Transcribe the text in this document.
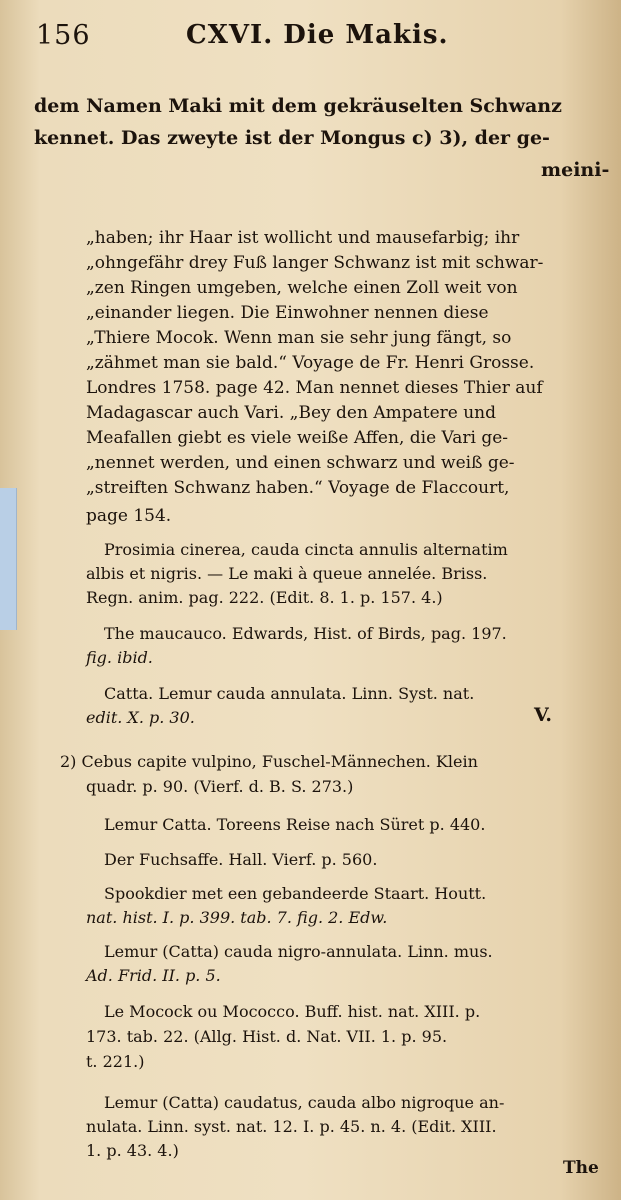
156	CXVI. Die Makis.
dem Namen Maki mit dem gekräuselten Schwanz
kennet. Das zweyte ist der Mongus c) 3), der ge-
meini-
„haben; ihr Haar ist wollicht und mausefarbig; ihr
„ohngefähr drey Fuß langer Schwanz ist mit schwar-
„zen Ringen umgeben, welche einen Zoll weit von
„einander liegen. Die Einwohner nennen diese
„Thiere Mocok. Wenn man sie sehr jung fängt, so
„zähmet man sie bald.“ Voyage de Fr. Henri Grosse.
Londres 1758. page 42. Man nennet dieses Thier auf
Madagascar auch Vari. „Bey den Ampatere und
Meafallen giebt es viele weiße Affen, die Vari ge-
„nennet werden, und einen schwarz und weiß ge-
„streiften Schwanz haben.“ Voyage de Flaccourt,
page 154.
Prosimia cinerea, cauda cincta annulis alternatim
albis et nigris. — Le maki à queue annelée. Briss.
Regn. anim. pag. 222. (Edit. 8. 1. p. 157. 4.)
The maucauco. Edwards, Hist. of Birds, pag. 197.
fig. ibid.
Catta. Lemur cauda annulata. Linn. Syst. nat.
edit. X. p. 30.	V.
2) Cebus capite vulpino, Fuschel-Männechen. Klein
quadr. p. 90. (Vierf. d. B. S. 273.)
Lemur Catta. Toreens Reise nach Süret p. 440.
Der Fuchsaffe. Hall. Vierf. p. 560.
Spookdier met een gebandeerde Staart. Houtt.
nat. hist. I. p. 399. tab. 7. fig. 2. Edw.
Lemur (Catta) cauda nigro-annulata. Linn. mus.
Ad. Frid. II. p. 5.
Le Mocock ou Mococco. Buff. hist. nat. XIII. p.
173. tab. 22. (Allg. Hist. d. Nat. VII. 1. p. 95.
t. 221.)
Lemur (Catta) caudatus, cauda albo nigroque an-
nulata. Linn. syst. nat. 12. I. p. 45. n. 4. (Edit. XIII.
1. p. 43. 4.)
The
